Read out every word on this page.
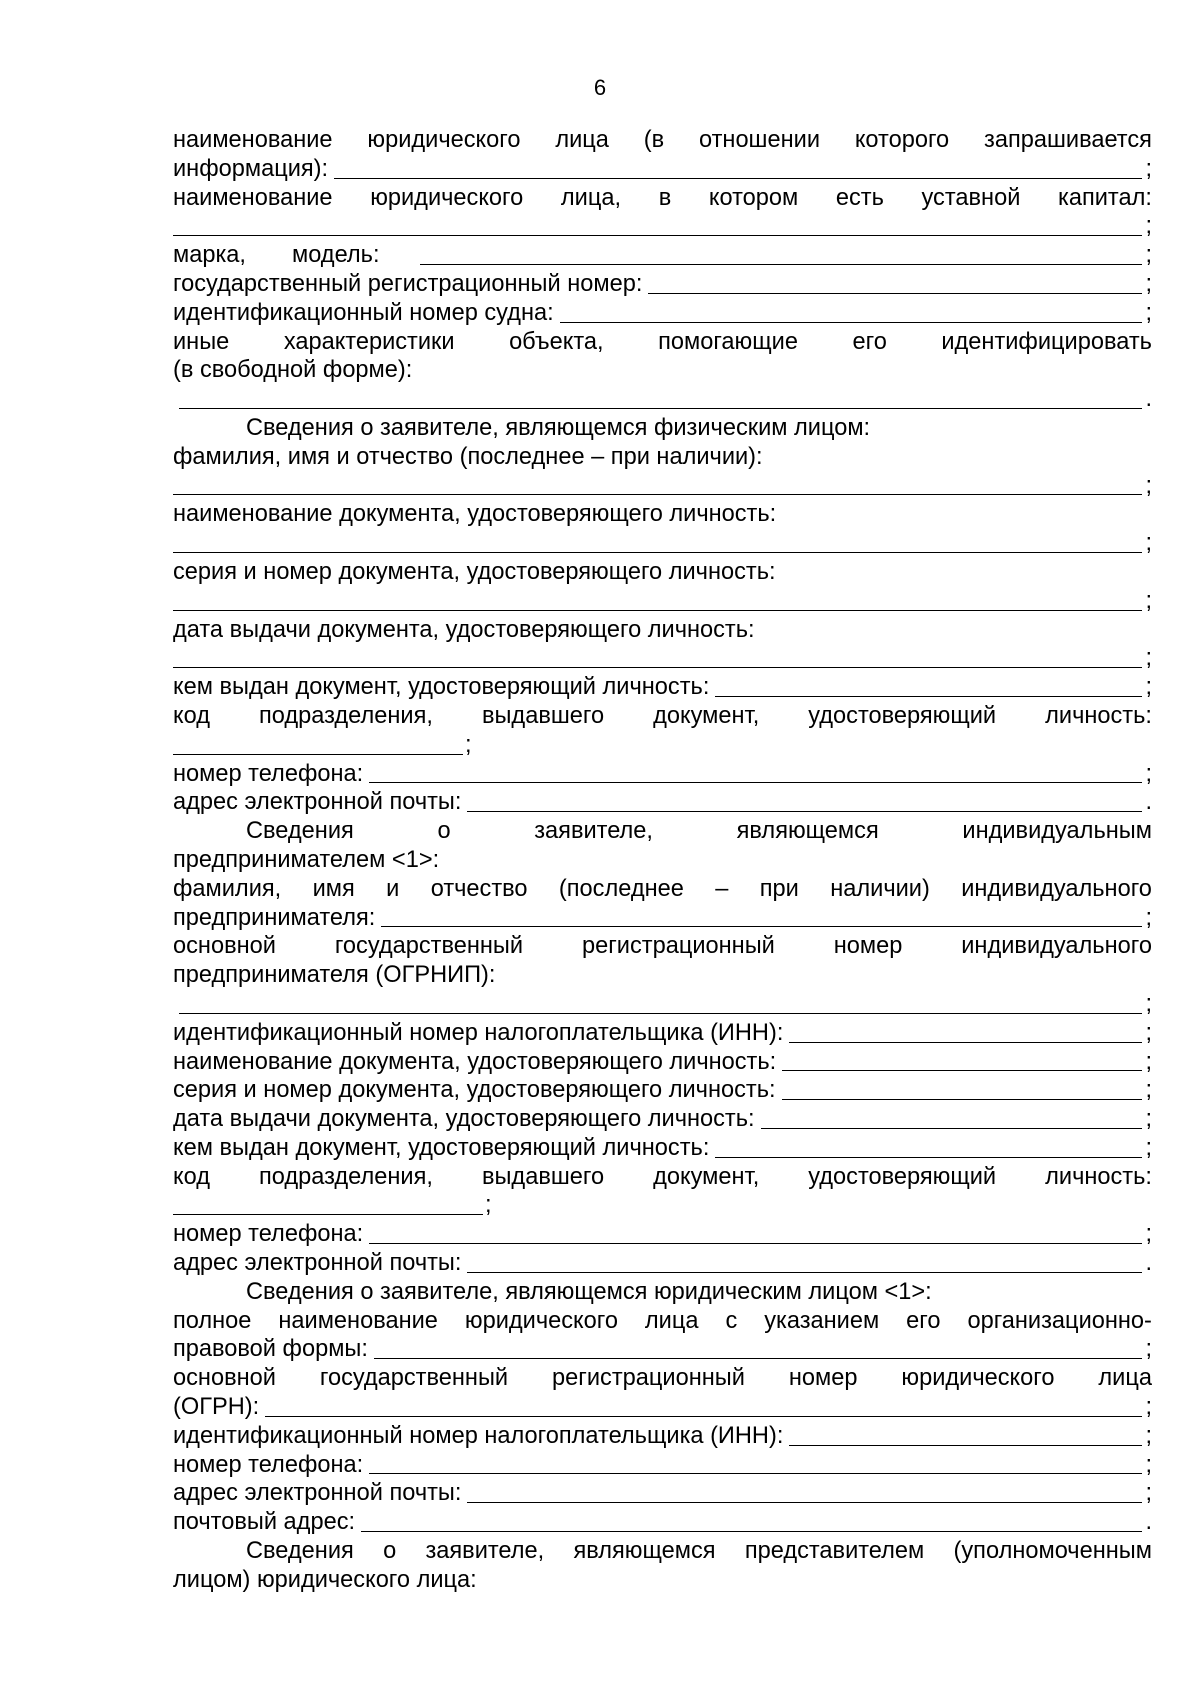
6
наименование юридического лица (в отношении которого запрашивается
информация):	;
наименование юридического лица, в котором есть уставной капитал:
;
марка, модель:	;
государственный регистрационный номер:	;
идентификационный номер судна:	;
иные характеристики объекта, помогающие его идентифицировать
(в свободной форме):
.
Сведения о заявителе, являющемся физическим лицом:
фамилия, имя и отчество (последнее – при наличии):
;
наименование документа, удостоверяющего личность:
;
серия и номер документа, удостоверяющего личность:
;
дата выдачи документа, удостоверяющего личность:
;
кем выдан документ, удостоверяющий личность:	;
код подразделения, выдавшего документ, удостоверяющий личность:
;
номер телефона:	;
адрес электронной почты:	.
Сведения	о	заявителе,	являющемся	индивидуальным
предпринимателем <1>:
фамилия, имя и отчество (последнее – при наличии) индивидуального
предпринимателя:	;
основной государственный регистрационный номер индивидуального
предпринимателя (ОГРНИП):
;
идентификационный номер налогоплательщика (ИНН):	;
наименование документа, удостоверяющего личность:	;
серия и номер документа, удостоверяющего личность:	;
дата выдачи документа, удостоверяющего личность:	;
кем выдан документ, удостоверяющий личность:	;
код подразделения, выдавшего документ, удостоверяющий личность:
;
номер телефона:	;
адрес электронной почты:	.
Сведения о заявителе, являющемся юридическим лицом <1>:
полное наименование юридического лица с указанием его организационно-
правовой формы:	;
основной государственный регистрационный номер юридического лица
(ОГРН):	;
идентификационный номер налогоплательщика (ИНН):	;
номер телефона:	;
адрес электронной почты:	;
почтовый адрес:	.
Сведения о заявителе, являющемся представителем (уполномоченным
лицом) юридического лица:
